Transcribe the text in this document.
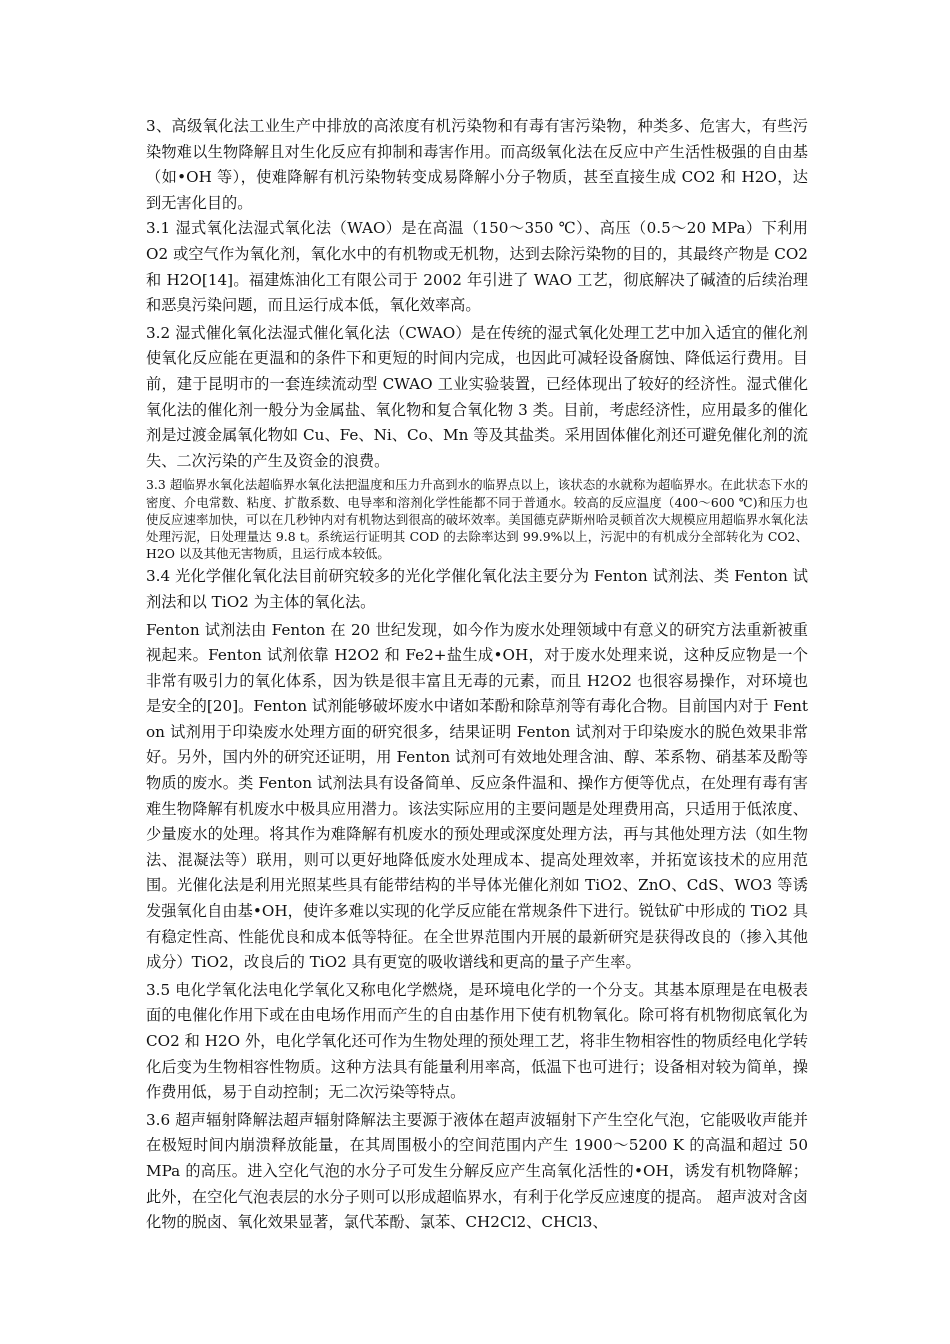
3、高级氧化法工业生产中排放的高浓度有机污染物和有毒有害污染物，种类多、危害大，有些污染物难以生物降解且对生化反应有抑制和毒害作用。而高级氧化法在反应中产生活性极强的自由基（如•OH 等），使难降解有机污染物转变成易降解小分子物质，甚至直接生成 CO2 和 H2O，达到无害化目的。

3.1 湿式氧化法湿式氧化法（WAO）是在高温（150～350 ℃）、高压（0.5～20 MPa）下利用 O2 或空气作为氧化剂，氧化水中的有机物或无机物，达到去除污染物的目的，其最终产物是 CO2 和 H2O[14]。福建炼油化工有限公司于 2002 年引进了 WAO 工艺，彻底解决了碱渣的后续治理和恶臭污染问题，而且运行成本低，氧化效率高。

3.2 湿式催化氧化法湿式催化氧化法（CWAO）是在传统的湿式氧化处理工艺中加入适宜的催化剂使氧化反应能在更温和的条件下和更短的时间内完成，也因此可减轻设备腐蚀、降低运行费用。目前，建于昆明市的一套连续流动型 CWAO 工业实验装置，已经体现出了较好的经济性。湿式催化氧化法的催化剂一般分为金属盐、氧化物和复合氧化物 3 类。目前，考虑经济性，应用最多的催化剂是过渡金属氧化物如 Cu、Fe、Ni、Co、Mn 等及其盐类。采用固体催化剂还可避免催化剂的流失、二次污染的产生及资金的浪费。

3.3 超临界水氧化法超临界水氧化法把温度和压力升高到水的临界点以上，该状态的水就称为超临界水。在此状态下水的密度、介电常数、粘度、扩散系数、电导率和溶剂化学性能都不同于普通水。较高的反应温度（400～600 ℃)和压力也使反应速率加快，可以在几秒钟内对有机物达到很高的破坏效率。美国德克萨斯州哈灵顿首次大规模应用超临界水氧化法处理污泥，日处理量达 9.8 t。系统运行证明其 COD 的去除率达到 99.9%以上，污泥中的有机成分全部转化为 CO2、H2O 以及其他无害物质，且运行成本较低。

3.4 光化学催化氧化法目前研究较多的光化学催化氧化法主要分为 Fenton 试剂法、类 Fenton 试剂法和以 TiO2 为主体的氧化法。

Fenton 试剂法由 Fenton 在 20 世纪发现，如今作为废水处理领域中有意义的研究方法重新被重视起来。Fenton 试剂依靠 H2O2 和 Fe2+盐生成•OH，对于废水处理来说，这种反应物是一个非常有吸引力的氧化体系，因为铁是很丰富且无毒的元素，而且 H2O2 也很容易操作，对环境也是安全的[20]。Fenton 试剂能够破坏废水中诸如苯酚和除草剂等有毒化合物。目前国内对于 Fenton 试剂用于印染废水处理方面的研究很多，结果证明 Fenton 试剂对于印染废水的脱色效果非常好。另外，国内外的研究还证明，用 Fenton 试剂可有效地处理含油、醇、苯系物、硝基苯及酚等物质的废水。类 Fenton 试剂法具有设备简单、反应条件温和、操作方便等优点，在处理有毒有害难生物降解有机废水中极具应用潜力。该法实际应用的主要问题是处理费用高，只适用于低浓度、少量废水的处理。将其作为难降解有机废水的预处理或深度处理方法，再与其他处理方法（如生物法、混凝法等）联用，则可以更好地降低废水处理成本、提高处理效率，并拓宽该技术的应用范围。光催化法是利用光照某些具有能带结构的半导体光催化剂如 TiO2、ZnO、CdS、WO3 等诱发强氧化自由基•OH，使许多难以实现的化学反应能在常规条件下进行。锐钛矿中形成的 TiO2 具有稳定性高、性能优良和成本低等特征。在全世界范围内开展的最新研究是获得改良的（掺入其他成分）TiO2，改良后的 TiO2 具有更宽的吸收谱线和更高的量子产生率。

3.5 电化学氧化法电化学氧化又称电化学燃烧，是环境电化学的一个分支。其基本原理是在电极表面的电催化作用下或在由电场作用而产生的自由基作用下使有机物氧化。除可将有机物彻底氧化为 CO2 和 H2O 外，电化学氧化还可作为生物处理的预处理工艺，将非生物相容性的物质经电化学转化后变为生物相容性物质。这种方法具有能量利用率高，低温下也可进行；设备相对较为简单，操作费用低，易于自动控制；无二次污染等特点。

3.6 超声辐射降解法超声辐射降解法主要源于液体在超声波辐射下产生空化气泡，它能吸收声能并在极短时间内崩溃释放能量，在其周围极小的空间范围内产生 1900～5200 K 的高温和超过 50 MPa 的高压。进入空化气泡的水分子可发生分解反应产生高氧化活性的•OH，诱发有机物降解；此外，在空化气泡表层的水分子则可以形成超临界水，有利于化学反应速度的提高。 超声波对含卤化物的脱卤、氧化效果显著，氯代苯酚、氯苯、CH2Cl2、CHCl3、
